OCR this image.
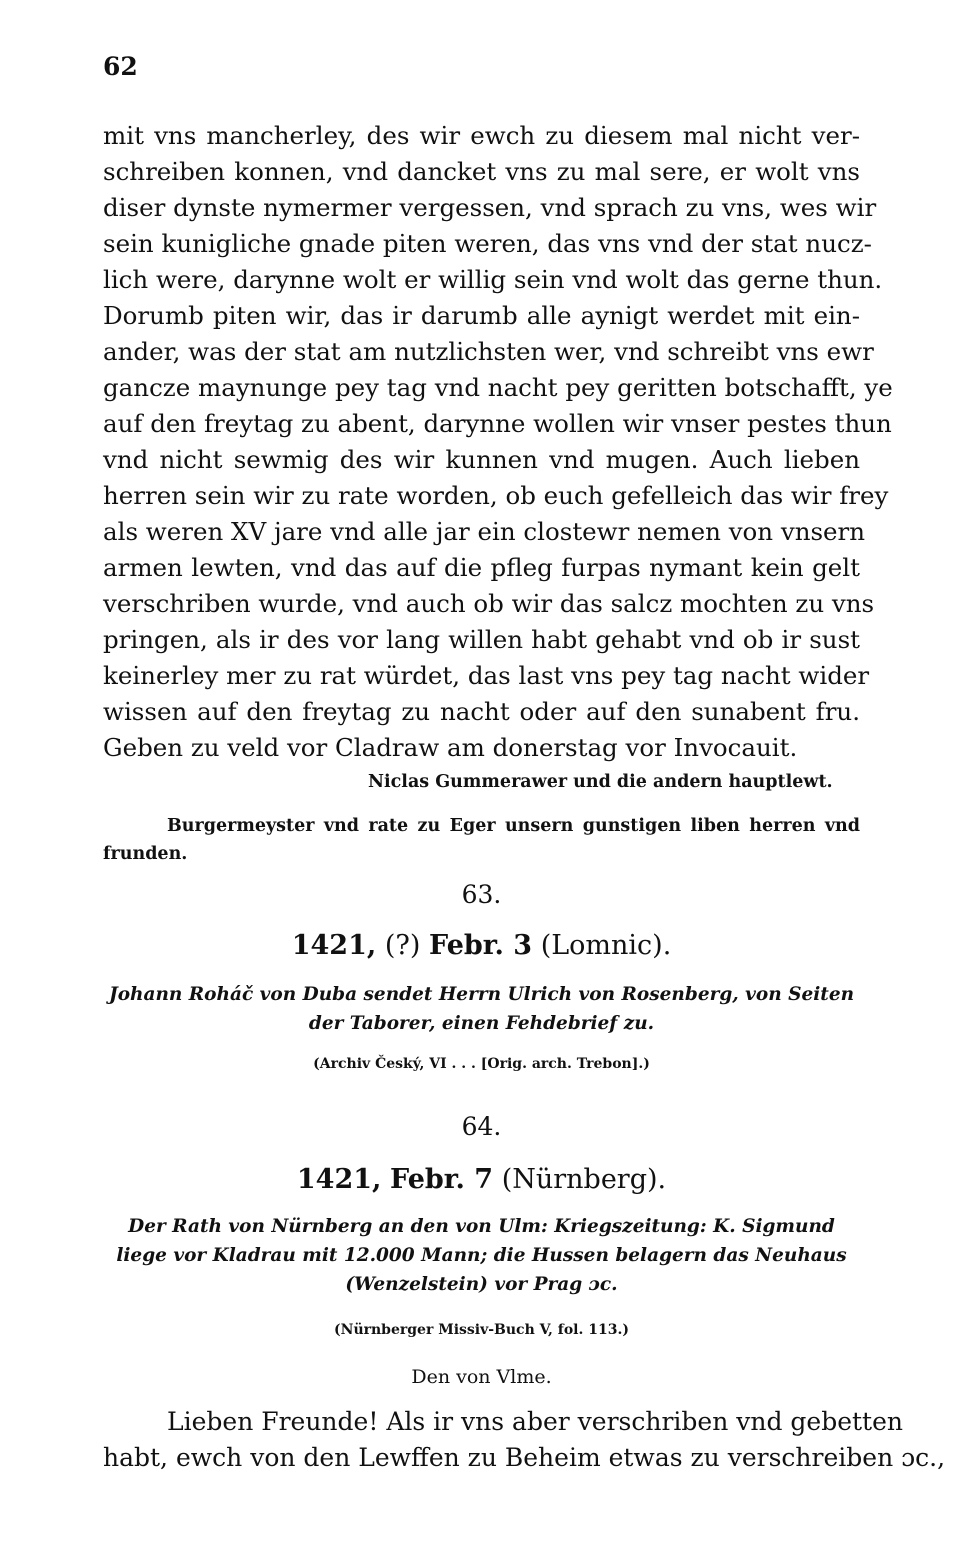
62
mit vns mancherley, des wir ewch zu diesem mal nicht ver-
schreiben konnen, vnd dancket vns zu mal sere, er wolt vns
diser dynste nymermer vergessen, vnd sprach zu vns, wes wir
sein kunigliche gnade piten weren, das vns vnd der stat nucz-
lich were, darynne wolt er willig sein vnd wolt das gerne thun.
Dorumb piten wir, das ir darumb alle aynigt werdet mit ein-
ander, was der stat am nutzlichsten wer, vnd schreibt vns ewr
gancze maynunge pey tag vnd nacht pey geritten botschafft, ye
auf den freytag zu abent, darynne wollen wir vnser pestes thun
vnd nicht sewmig des wir kunnen vnd mugen. Auch lieben
herren sein wir zu rate worden, ob euch gefelleich das wir frey
als weren XV jare vnd alle jar ein clostewr nemen von vnsern
armen lewten, vnd das auf die pfleg furpas nymant kein gelt
verschriben wurde, vnd auch ob wir das salcz mochten zu vns
pringen, als ir des vor lang willen habt gehabt vnd ob ir sust
keinerley mer zu rat würdet, das last vns pey tag nacht wider
wissen auf den freytag zu nacht oder auf den sunabent fru.
Geben zu veld vor Cladraw am donerstag vor Invocauit.
Niclas Gummerawer und die andern hauptlewt.
Burgermeyster vnd rate zu Eger unsern gunstigen liben herren vnd
frunden.
63.
1421, (?) Febr. 3 (Lomnic).
Johann Roháč von Duba sendet Herrn Ulrich von Rosenberg, von Seiten
der Taborer, einen Fehdebrief zu.
(Archiv Český, VI . . . [Orig. arch. Trebon].)
64.
1421, Febr. 7 (Nürnberg).
Der Rath von Nürnberg an den von Ulm: Kriegszeitung: K. Sigmund
liege vor Kladrau mit 12.000 Mann; die Hussen belagern das Neuhaus
(Wenzelstein) vor Prag ɔc.
(Nürnberger Missiv-Buch V, fol. 113.)
Den von Vlme.
Lieben Freunde! Als ir vns aber verschriben vnd gebetten
habt, ewch von den Lewffen zu Beheim etwas zu verschreiben ɔc.,
